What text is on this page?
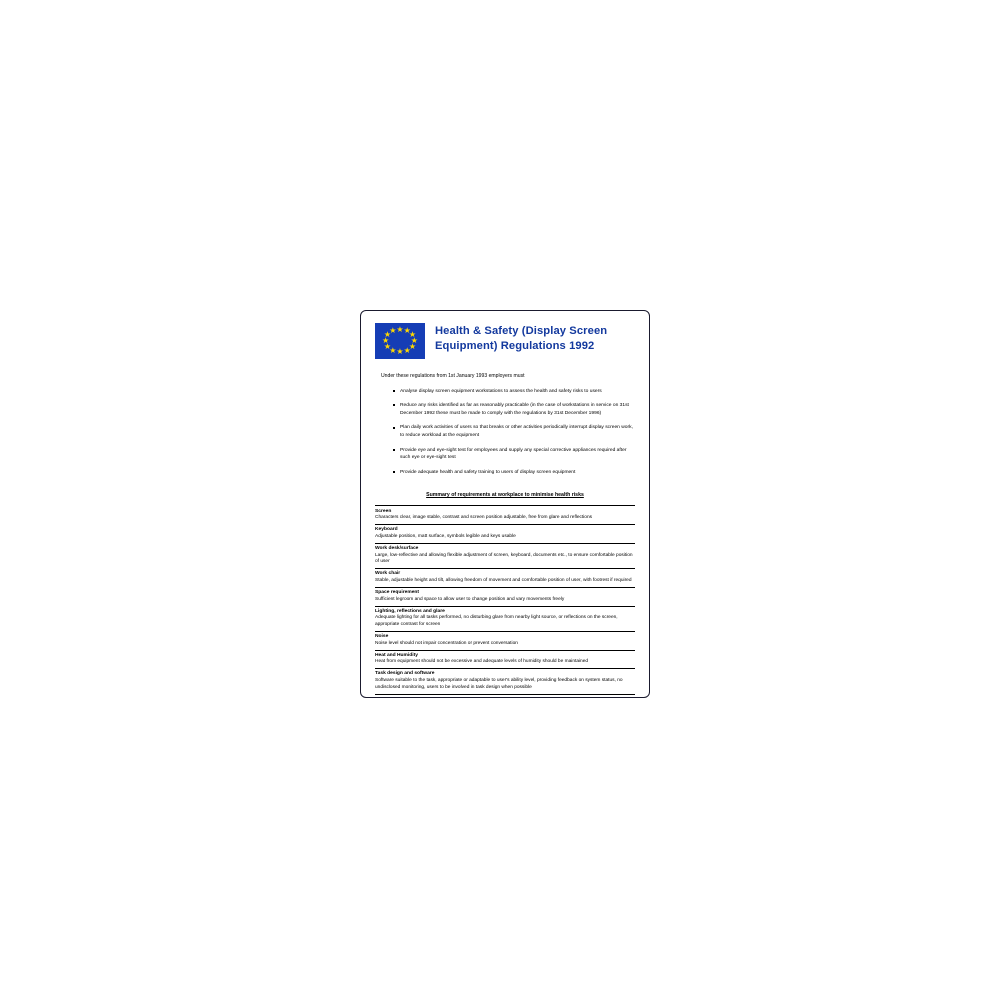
★ ★
★
★
★
★
★
★
★
★
★
★	Health & Safety (Display Screen Equipment) Regulations 1992

Under these regulations from 1st January 1993 employers must

Analyse display screen equipment workstations to assess the health and safety risks to users
Reduce any risks identified as far as reasonably practicable (in the case of workstations in service on 31st December 1992 these must be made to comply with the regulations by 31st December 1996)
Plan daily work activities of users so that breaks or other activities periodically interrupt display screen work, to reduce workload at the equipment
Provide eye and eye-sight test for employees and supply any special corrective appliances required after such eye or eye-sight test
Provide adequate health and safety training to users of display screen equipment
Summary of requirements at workplace to minimise health risks
Screen
Characters clear, image stable, contrast and screen position adjustable, free from glare and reflections
Keyboard
Adjustable position, matt surface, symbols legible and keys usable
Work desk/surface
Large, low-reflective and allowing flexible adjustment of screen, keyboard, documents etc., to ensure comfortable position of user
Work chair
Stable, adjustable height and tilt, allowing freedom of movement and comfortable position of user, with footrest if required
Space requirement
Sufficient legroom and space to allow user to change position and vary movements freely
Lighting, reflections and glare
Adequate lighting for all tasks performed, no disturbing glare from nearby light source, or reflections on the screen, appropriate contrast for screen
Noise
Noise level should not impair concentration or prevent conversation
Heat and Humidity
Heat from equipment should not be excessive and adequate levels of humidity should be maintained
Task design and software
Software suitable to the task, appropriate or adaptable to user's ability level, providing feedback on system status, no undisclosed monitoring, users to be involved in task design when possible
